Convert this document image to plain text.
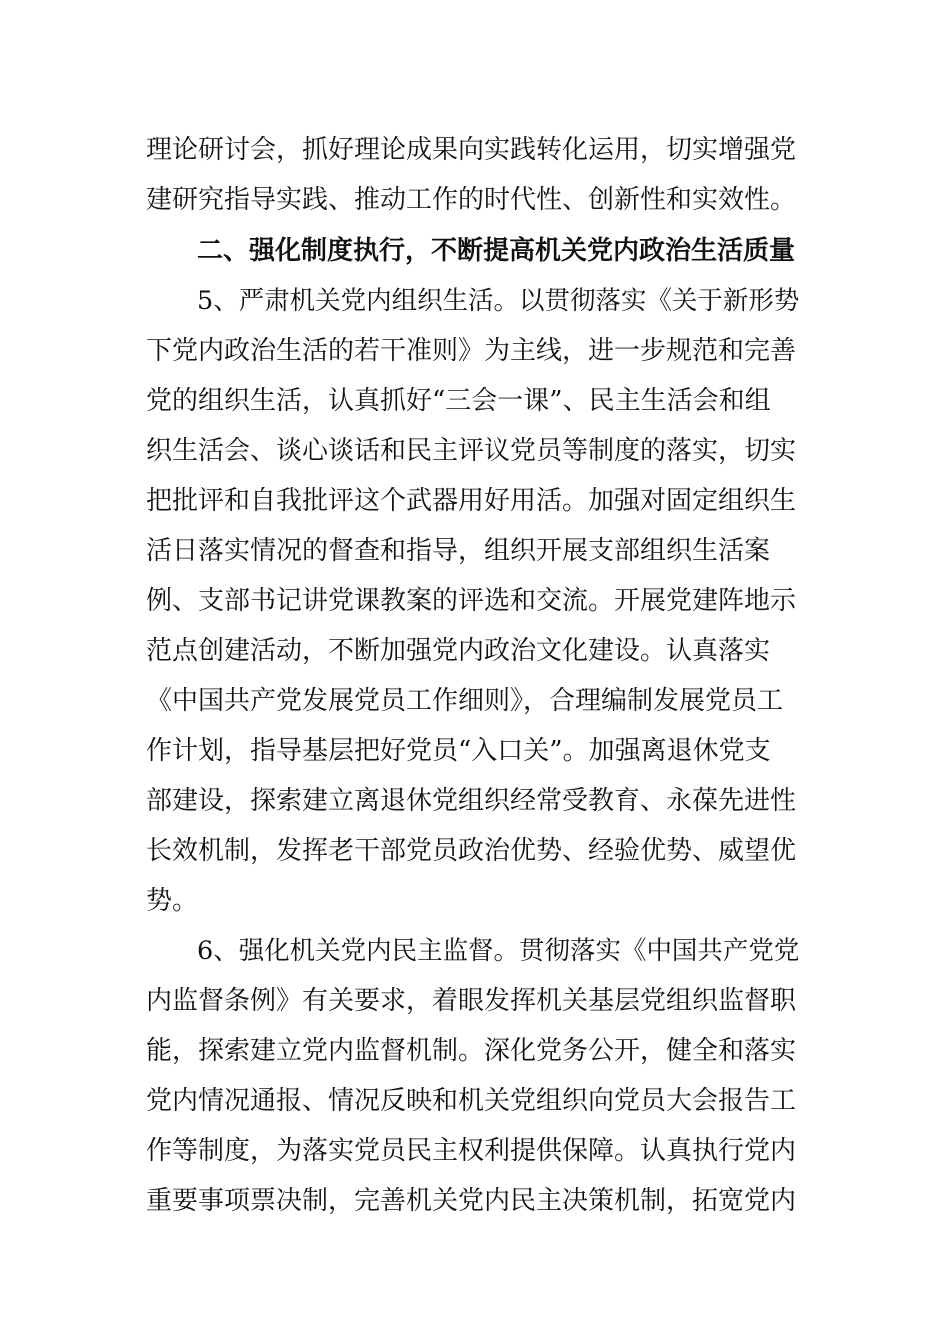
理论研讨会，抓好理论成果向实践转化运用，切实增强党
建研究指导实践、推动工作的时代性、创新性和实效性。
二、强化制度执行，不断提高机关党内政治生活质量
5、严肃机关党内组织生活。以贯彻落实《关于新形势
下党内政治生活的若干准则》为主线，进一步规范和完善
党的组织生活，认真抓好“三会一课”、民主生活会和组
织生活会、谈心谈话和民主评议党员等制度的落实，切实
把批评和自我批评这个武器用好用活。加强对固定组织生
活日落实情况的督查和指导，组织开展支部组织生活案
例、支部书记讲党课教案的评选和交流。开展党建阵地示
范点创建活动，不断加强党内政治文化建设。认真落实
《中国共产党发展党员工作细则》，合理编制发展党员工
作计划，指导基层把好党员“入口关”。加强离退休党支
部建设，探索建立离退休党组织经常受教育、永葆先进性
长效机制，发挥老干部党员政治优势、经验优势、威望优
势。
6、强化机关党内民主监督。贯彻落实《中国共产党党
内监督条例》有关要求，着眼发挥机关基层党组织监督职
能，探索建立党内监督机制。深化党务公开，健全和落实
党内情况通报、情况反映和机关党组织向党员大会报告工
作等制度，为落实党员民主权利提供保障。认真执行党内
重要事项票决制，完善机关党内民主决策机制，拓宽党内
